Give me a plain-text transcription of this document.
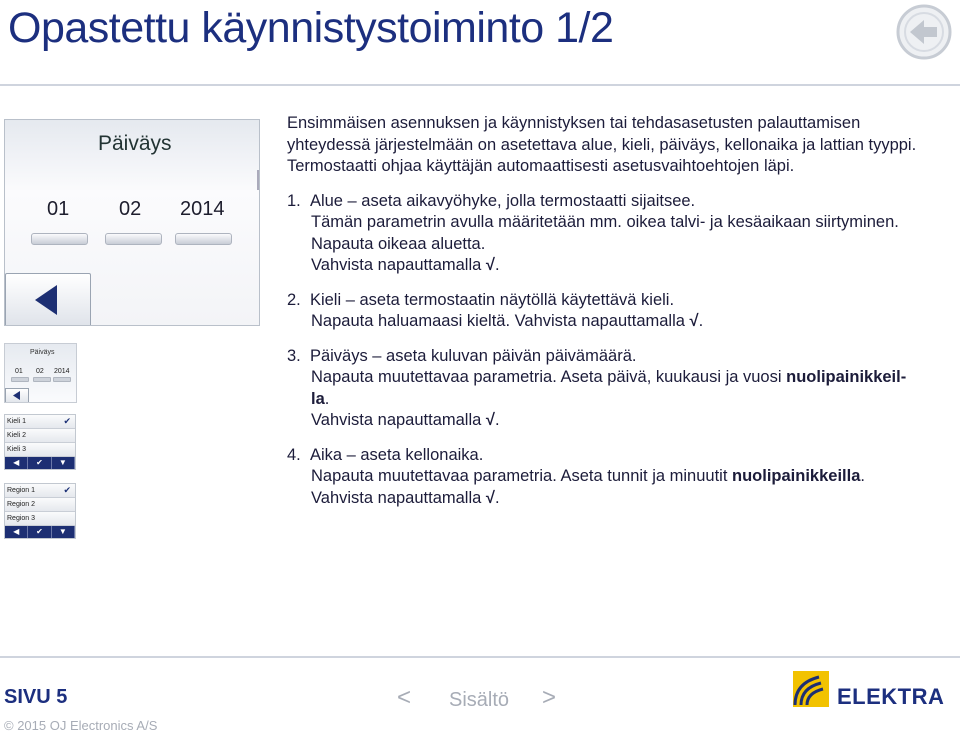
Opastettu käynnistystoiminto 1/2
Päiväys
01 02 2014
Päiväys
01 02 2014
Kieli 1	✔
Kieli 2
Kieli 3
◀	✔	▼
Region 1	✔
Region 2
Region 3
◀	✔	▼

Ensimmäisen asennuksen ja käynnistyksen tai tehdasasetusten palauttamisen yhteydessä järjestelmään on asetettava alue, kieli, päiväys, kellonaika ja lattian tyyppi.

Termostaatti ohjaa käyttäjän automaattisesti asetusvaihtoehtojen läpi.

1. Alue – aseta aikavyöhyke, jolla termostaatti sijaitsee.

Tämän parametrin avulla määritetään mm. oikea talvi- ja kesäaikaan siirtyminen.

Napauta oikeaa aluetta.

Vahvista napauttamalla √.

2. Kieli – aseta termostaatin näytöllä käytettävä kieli.

Napauta haluamaasi kieltä. Vahvista napauttamalla √.

3. Päiväys – aseta kuluvan päivän päivämäärä.

Napauta muutettavaa parametria. Aseta päivä, kuukausi ja vuosi nuolipainikkeil-

la.

Vahvista napauttamalla √.

4. Aika – aseta kellonaika.

Napauta muutettavaa parametria. Aseta tunnit ja minuutit nuolipainikkeilla.

Vahvista napauttamalla √.

SIVU 5	< Sisältö >
© 2015 OJ Electronics A/S
ELEKTRA
